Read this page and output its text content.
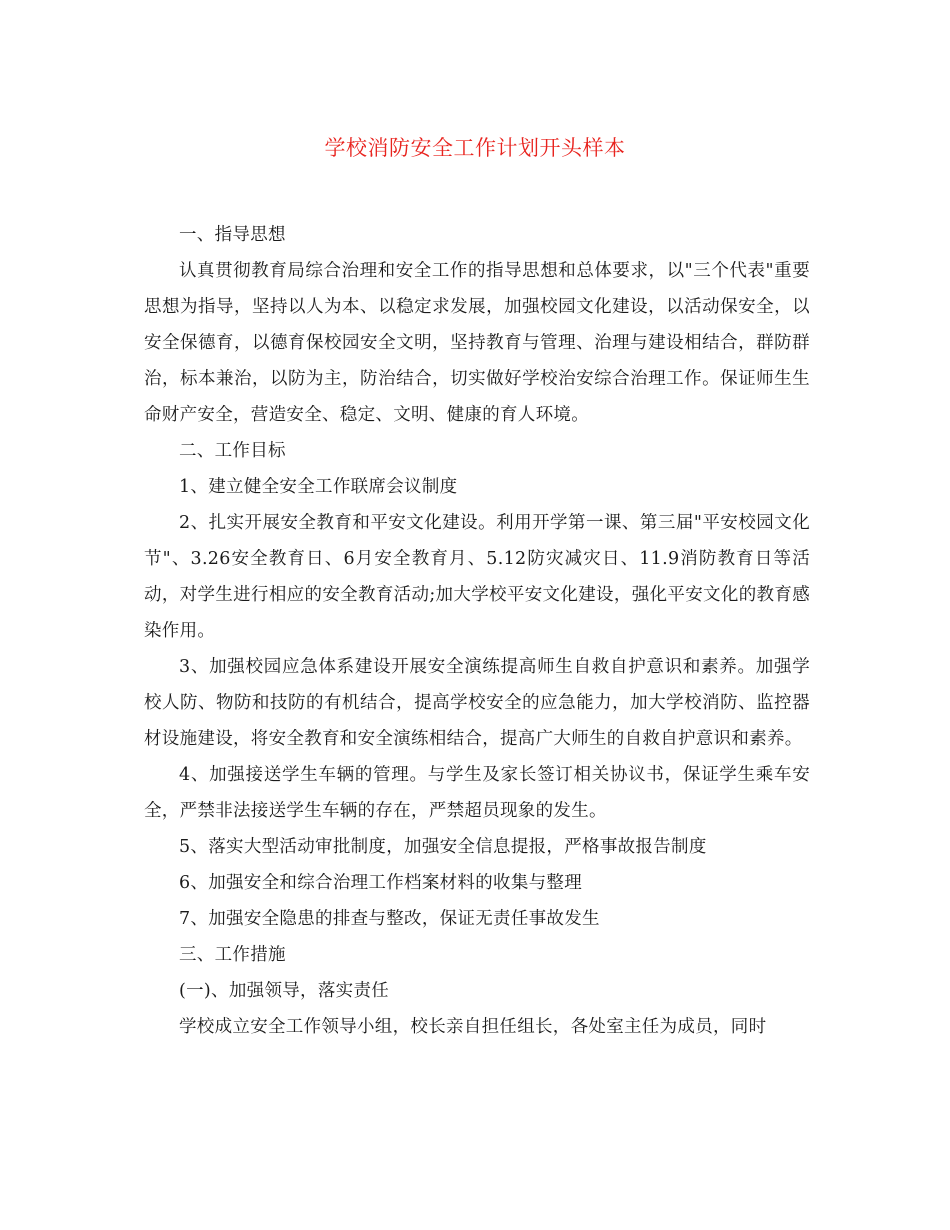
学校消防安全工作计划开头样本

一、指导思想

认真贯彻教育局综合治理和安全工作的指导思想和总体要求，以"三个代表"重要思想为指导，坚持以人为本、以稳定求发展，加强校园文化建设，以活动保安全，以安全保德育，以德育保校园安全文明，坚持教育与管理、治理与建设相结合，群防群治，标本兼治，以防为主，防治结合，切实做好学校治安综合治理工作。保证师生生命财产安全，营造安全、稳定、文明、健康的育人环境。

二、工作目标

1、建立健全安全工作联席会议制度

2、扎实开展安全教育和平安文化建设。利用开学第一课、第三届"平安校园文化节"、3.26安全教育日、6月安全教育月、5.12防灾减灾日、11.9消防教育日等活动，对学生进行相应的安全教育活动;加大学校平安文化建设，强化平安文化的教育感染作用。

3、加强校园应急体系建设开展安全演练提高师生自救自护意识和素养。加强学校人防、物防和技防的有机结合，提高学校安全的应急能力，加大学校消防、监控器材设施建设，将安全教育和安全演练相结合，提高广大师生的自救自护意识和素养。

4、加强接送学生车辆的管理。与学生及家长签订相关协议书，保证学生乘车安全，严禁非法接送学生车辆的存在，严禁超员现象的发生。

5、落实大型活动审批制度，加强安全信息提报，严格事故报告制度

6、加强安全和综合治理工作档案材料的收集与整理

7、加强安全隐患的排查与整改，保证无责任事故发生

三、工作措施

(一)、加强领导，落实责任

学校成立安全工作领导小组，校长亲自担任组长，各处室主任为成员，同时
